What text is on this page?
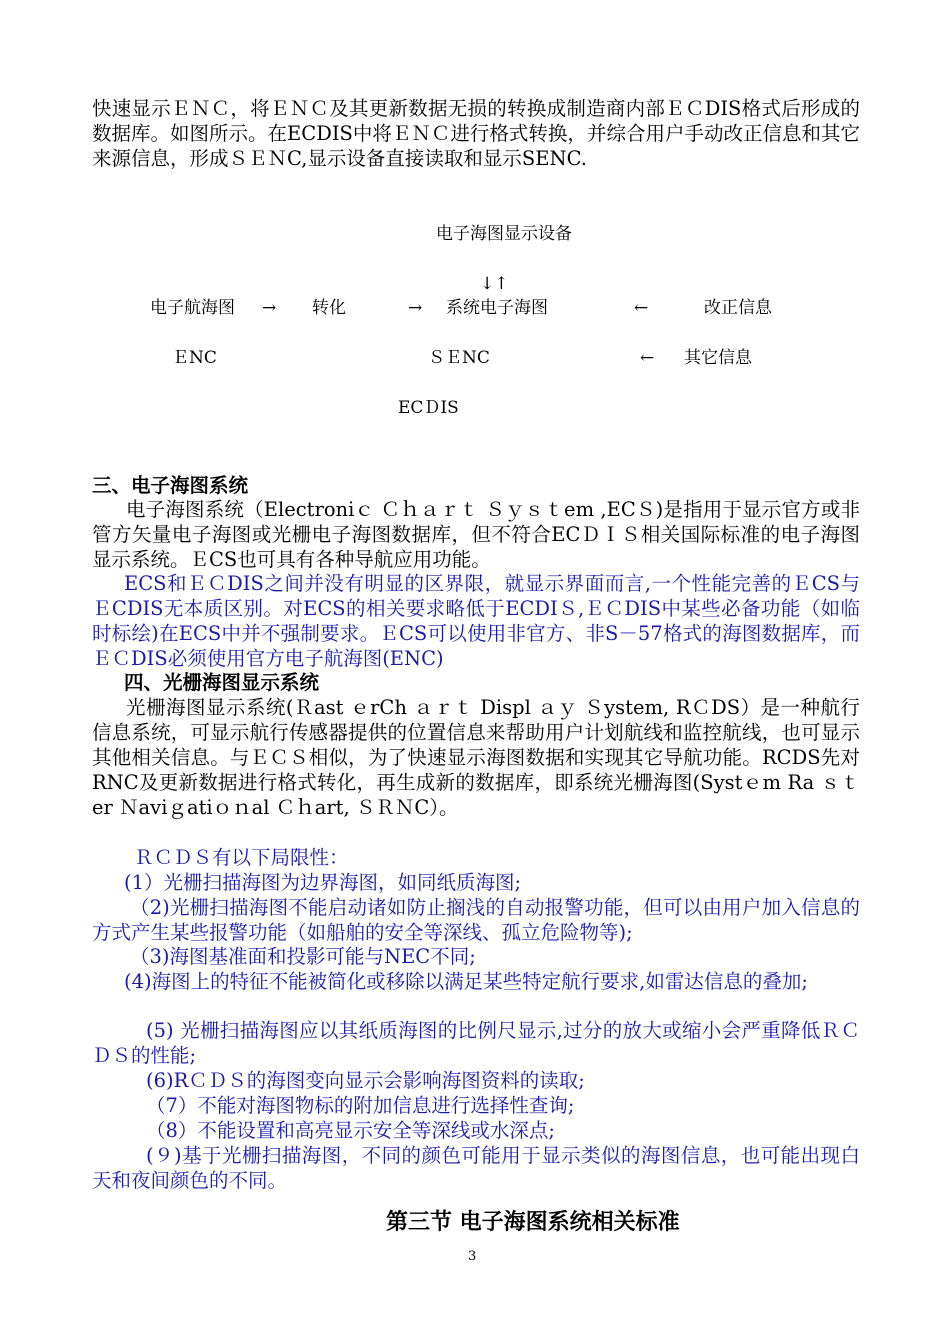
快速显示ＥＮＣ，将ＥＮＣ及其更新数据无损的转换成制造商内部ＥＣDIS格式后形成的数据库。如图所示。在ECDIS中将ＥＮＣ进行格式转换，并综合用户手动改正信息和其它来源信息，形成ＳＥＮC,显示设备直接读取和显示SENC.

电子海图显示设备
↓↑
电子航海图 → 转化	→ 系统电子海图	←	改正信息
ＥNC	ＳＥNC	← 其它信息
ECＤIS
三、电子海图系统

电子海图系统（Electroniｃ Ｃｈａｒｔ Ｓｙｓｔem ,ECＳ)是指用于显示官方或非管方矢量电子海图或光栅电子海图数据库，但不符合ECＤＩＳ相关国际标准的电子海图显示系统。ＥCS也可具有各种导航应用功能。

ECS和ＥＣDIS之间并没有明显的区界限，就显示界面而言,一个性能完善的ＥCS与ＥCDIS无本质区别。对ECS的相关要求略低于ECDIＳ,ＥＣDIS中某些必备功能（如临时标绘)在ECS中并不强制要求。ＥCS可以使用非官方、非S－57格式的海图数据库，而ＥＣDIS必须使用官方电子航海图(ENC)

四、光栅海图显示系统

光栅海图显示系统(Ｒast ｅrCh ａｒｔ Displ ａｙ Ｓystem, RＣDS）是一种航行信息系统，可显示航行传感器提供的位置信息来帮助用户计划航线和监控航线，也可显示其他相关信息。与ＥＣＳ相似，为了快速显示海图数据和实现其它导航功能。RCDS先对RNC及更新数据进行格式转化，再生成新的数据库，即系统光栅海图(Systｅm Ra ｓｔer Ｎaviｇatiｏｎal Ｃｈart, ＳＲＮC）。

ＲＣＤＳ有以下局限性：
(1）光栅扫描海图为边界海图，如同纸质海图;

（2)光栅扫描海图不能启动诸如防止搁浅的自动报警功能，但可以由用户加入信息的方式产生某些报警功能（如船舶的安全等深线、孤立危险物等);

（3)海图基准面和投影可能与NEC不同;

(4)海图上的特征不能被简化或移除以满足某些特定航行要求,如雷达信息的叠加;

(5) 光栅扫描海图应以其纸质海图的比例尺显示,过分的放大或缩小会严重降低ＲＣＤＳ的性能;

(6)RＣＤＳ的海图变向显示会影响海图资料的读取;
（7）不能对海图物标的附加信息进行选择性查询;
（8）不能设置和高亮显示安全等深线或水深点;

(９)基于光栅扫描海图，不同的颜色可能用于显示类似的海图信息，也可能出现白天和夜间颜色的不同。

第三节 电子海图系统相关标准
3
